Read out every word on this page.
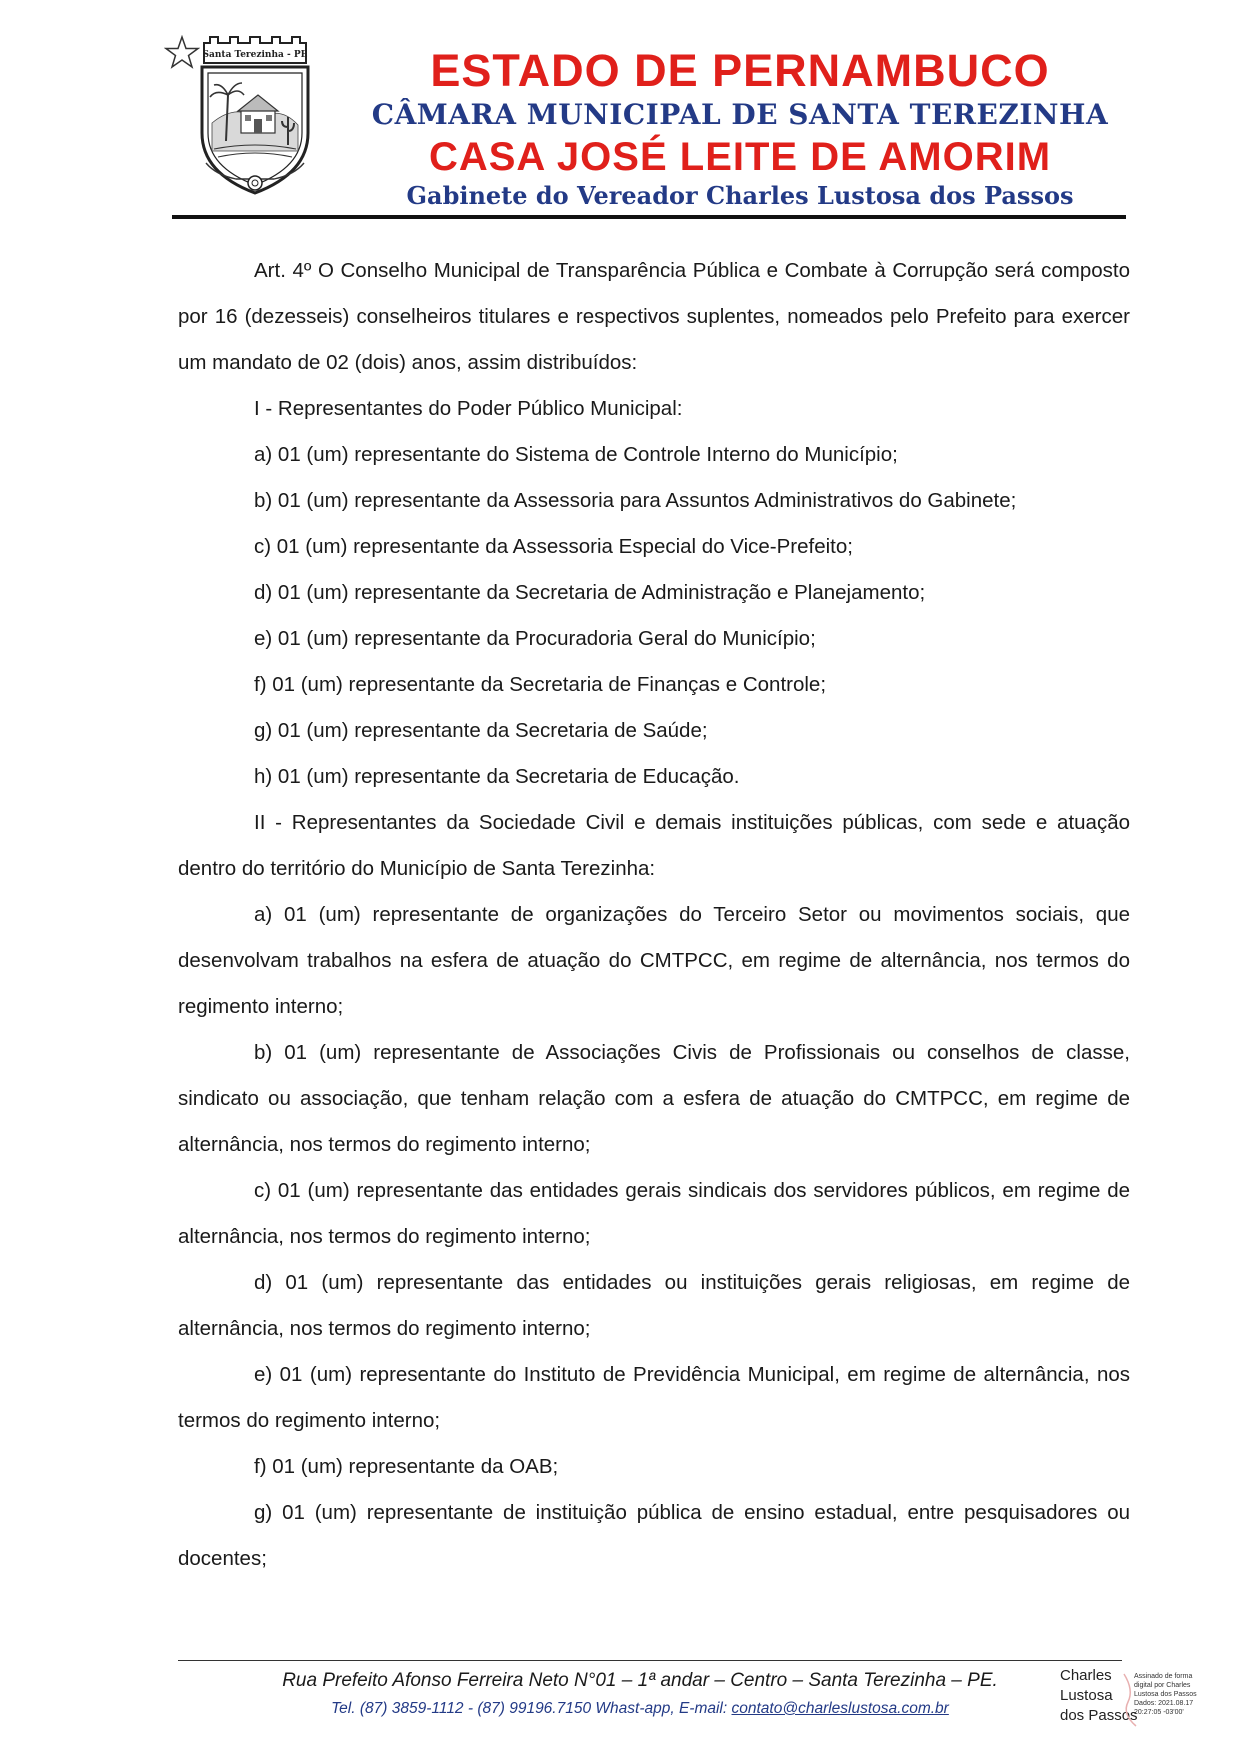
Santa Terezinha - PE	ESTADO DE PERNAMBUCO
CÂMARA MUNICIPAL DE SANTA TEREZINHA
CASA JOSÉ LEITE DE AMORIM
Gabinete do Vereador Charles Lustosa dos Passos

Art. 4º O Conselho Municipal de Transparência Pública e Combate à Corrupção será composto por 16 (dezesseis) conselheiros titulares e respectivos suplentes, nomeados pelo Prefeito para exercer um mandato de 02 (dois) anos, assim distribuídos:

I - Representantes do Poder Público Municipal:

a) 01 (um) representante do Sistema de Controle Interno do Município;

b) 01 (um) representante da Assessoria para Assuntos Administrativos do Gabinete;

c) 01 (um) representante da Assessoria Especial do Vice-Prefeito;

d) 01 (um) representante da Secretaria de Administração e Planejamento;

e) 01 (um) representante da Procuradoria Geral do Município;

f) 01 (um) representante da Secretaria de Finanças e Controle;

g) 01 (um) representante da Secretaria de Saúde;

h) 01 (um) representante da Secretaria de Educação.

II - Representantes da Sociedade Civil e demais instituições públicas, com sede e atuação dentro do território do Município de Santa Terezinha:

a) 01 (um) representante de organizações do Terceiro Setor ou movimentos sociais, que desenvolvam trabalhos na esfera de atuação do CMTPCC, em regime de alternância, nos termos do regimento interno;

b) 01 (um) representante de Associações Civis de Profissionais ou conselhos de classe, sindicato ou associação, que tenham relação com a esfera de atuação do CMTPCC, em regime de alternância, nos termos do regimento interno;

c) 01 (um) representante das entidades gerais sindicais dos servidores públicos, em regime de alternância, nos termos do regimento interno;

d) 01 (um) representante das entidades ou instituições gerais religiosas, em regime de alternância, nos termos do regimento interno;

e) 01 (um) representante do Instituto de Previdência Municipal, em regime de alternância, nos termos do regimento interno;

f) 01 (um) representante da OAB;

g) 01 (um) representante de instituição pública de ensino estadual, entre pesquisadores ou docentes;

Rua Prefeito Afonso Ferreira Neto N°01 – 1ª andar – Centro – Santa Terezinha – PE.
Tel. (87) 3859-1112 - (87) 99196.7150 Whast-app, E-mail: contato@charleslustosa.com.br
Charles
Lustosa
dos Passos
Assinado de forma
digital por Charles
Lustosa dos Passos
Dados: 2021.08.17
20:27:05 -03'00'
